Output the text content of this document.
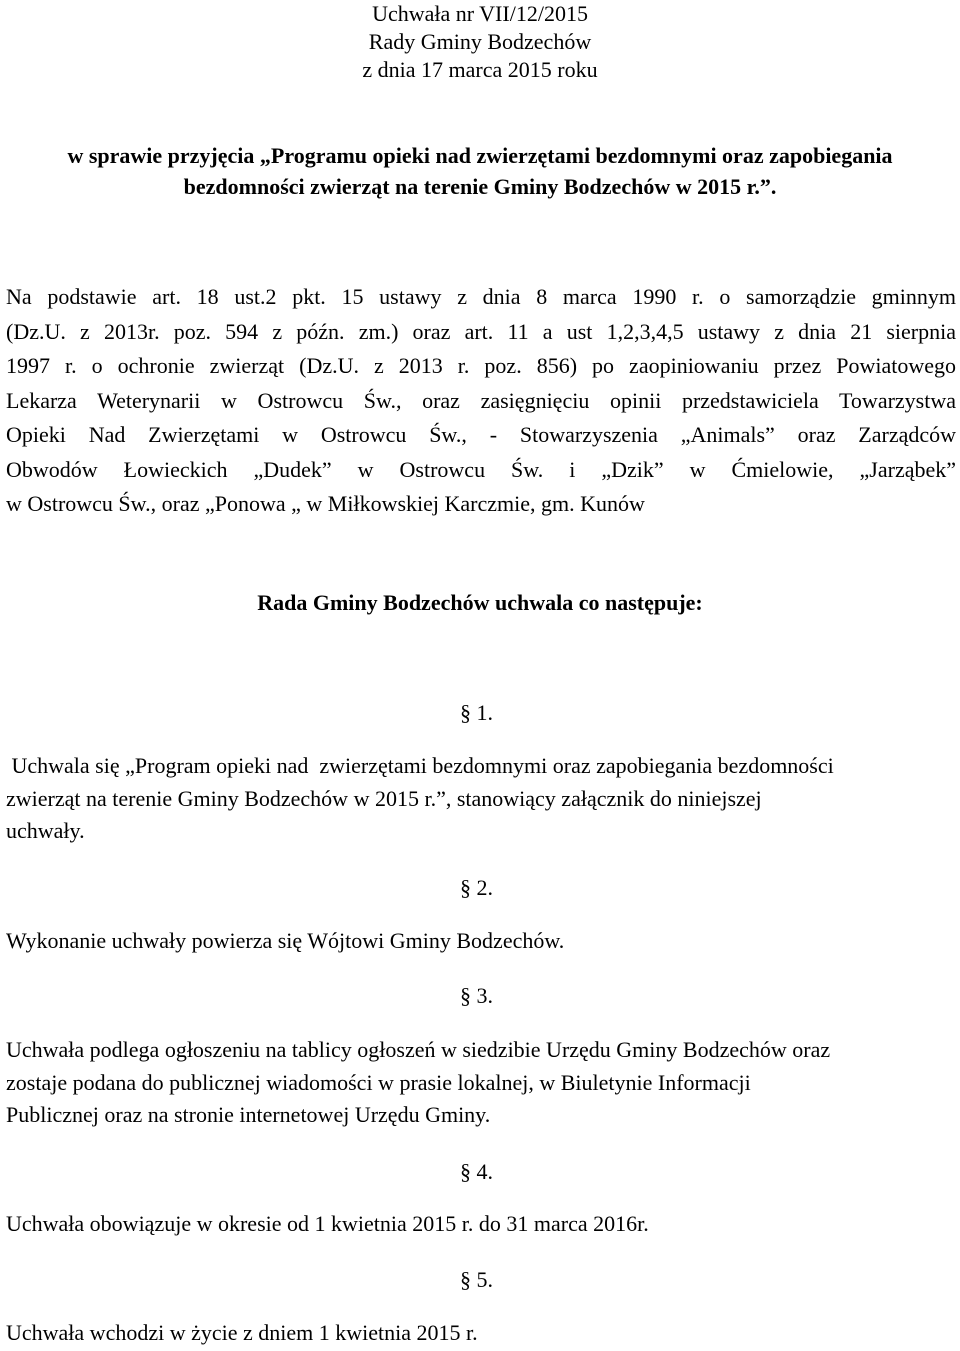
Uchwała nr VII/12/2015
Rady Gminy Bodzechów
z dnia 17 marca 2015 roku
w sprawie przyjęcia „Programu opieki nad zwierzętami bezdomnymi oraz zapobiegania
bezdomności zwierząt na terenie Gminy Bodzechów w 2015 r.”.
Na podstawie art. 18 ust.2 pkt. 15 ustawy z dnia 8 marca 1990 r. o samorządzie gminnym
(Dz.U. z 2013r. poz. 594 z późn. zm.) oraz art. 11 a ust 1,2,3,4,5 ustawy z dnia 21 sierpnia
1997 r. o ochronie zwierząt (Dz.U. z 2013 r. poz. 856) po zaopiniowaniu przez Powiatowego
Lekarza Weterynarii w Ostrowcu Św., oraz zasięgnięciu opinii przedstawiciela Towarzystwa
Opieki Nad Zwierzętami w Ostrowcu Św., - Stowarzyszenia „Animals” oraz Zarządców
Obwodów Łowieckich „Dudek” w Ostrowcu Św. i „Dzik” w Ćmielowie, „Jarząbek”
w Ostrowcu Św., oraz „Ponowa „ w Miłkowskiej Karczmie, gm. Kunów
Rada Gminy Bodzechów uchwala co następuje:
§ 1.
Uchwala się „Program opieki nad  zwierzętami bezdomnymi oraz zapobiegania bezdomności
zwierząt na terenie Gminy Bodzechów w 2015 r.”, stanowiący załącznik do niniejszej
uchwały.
§ 2.
Wykonanie uchwały powierza się Wójtowi Gminy Bodzechów.
§ 3.
Uchwała podlega ogłoszeniu na tablicy ogłoszeń w siedzibie Urzędu Gminy Bodzechów oraz
zostaje podana do publicznej wiadomości w prasie lokalnej, w Biuletynie Informacji
Publicznej oraz na stronie internetowej Urzędu Gminy.
§ 4.
Uchwała obowiązuje w okresie od 1 kwietnia 2015 r. do 31 marca 2016r.
§ 5.
Uchwała wchodzi w życie z dniem 1 kwietnia 2015 r.
